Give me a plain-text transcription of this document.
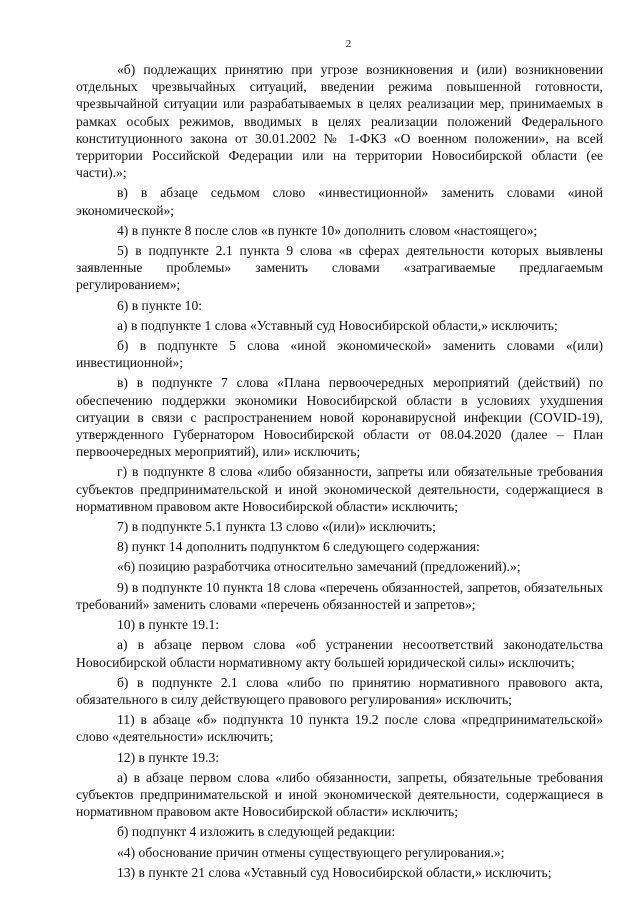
2

«б) подлежащих принятию при угрозе возникновения и (или) возникновении отдельных чрезвычайных ситуаций, введении режима повышенной готовности, чрезвычайной ситуации или разрабатываемых в целях реализации мер, принимаемых в рамках особых режимов, вводимых в целях реализации положений Федерального конституционного закона от 30.01.2002 № 1-ФКЗ «О военном положении», на всей территории Российской Федерации или на территории Новосибирской области (ее части).»;

в) в абзаце седьмом слово «инвестиционной» заменить словами «иной экономической»;

4) в пункте 8 после слов «в пункте 10» дополнить словом «настоящего»;

5) в подпункте 2.1 пункта 9 слова «в сферах деятельности которых выявлены заявленные проблемы» заменить словами «затрагиваемые предлагаемым регулированием»;

6) в пункте 10:

а) в подпункте 1 слова «Уставный суд Новосибирской области,» исключить;

б) в подпункте 5 слова «иной экономической» заменить словами «(или) инвестиционной»;

в) в подпункте 7 слова «Плана первоочередных мероприятий (действий) по обеспечению поддержки экономики Новосибирской области в условиях ухудшения ситуации в связи с распространением новой коронавирусной инфекции (COVID-19), утвержденного Губернатором Новосибирской области от 08.04.2020 (далее – План первоочередных мероприятий), или» исключить;

г) в подпункте 8 слова «либо обязанности, запреты или обязательные требования субъектов предпринимательской и иной экономической деятельности, содержащиеся в нормативном правовом акте Новосибирской области» исключить;

7) в подпункте 5.1 пункта 13 слово «(или)» исключить;

8) пункт 14 дополнить подпунктом 6 следующего содержания:

«6) позицию разработчика относительно замечаний (предложений).»;

9) в подпункте 10 пункта 18 слова «перечень обязанностей, запретов, обязательных требований» заменить словами «перечень обязанностей и запретов»;

10) в пункте 19.1:

а) в абзаце первом слова «об устранении несоответствий законодательства Новосибирской области нормативному акту большей юридической силы» исключить;

б) в подпункте 2.1 слова «либо по принятию нормативного правового акта, обязательного в силу действующего правового регулирования» исключить;

11) в абзаце «б» подпункта 10 пункта 19.2 после слова «предпринимательской» слово «деятельности» исключить;

12) в пункте 19.3:

а) в абзаце первом слова «либо обязанности, запреты, обязательные требования субъектов предпринимательской и иной экономической деятельности, содержащиеся в нормативном правовом акте Новосибирской области» исключить;

б) подпункт 4 изложить в следующей редакции:

«4) обоснование причин отмены существующего регулирования.»;

13) в пункте 21 слова «Уставный суд Новосибирской области,» исключить;
